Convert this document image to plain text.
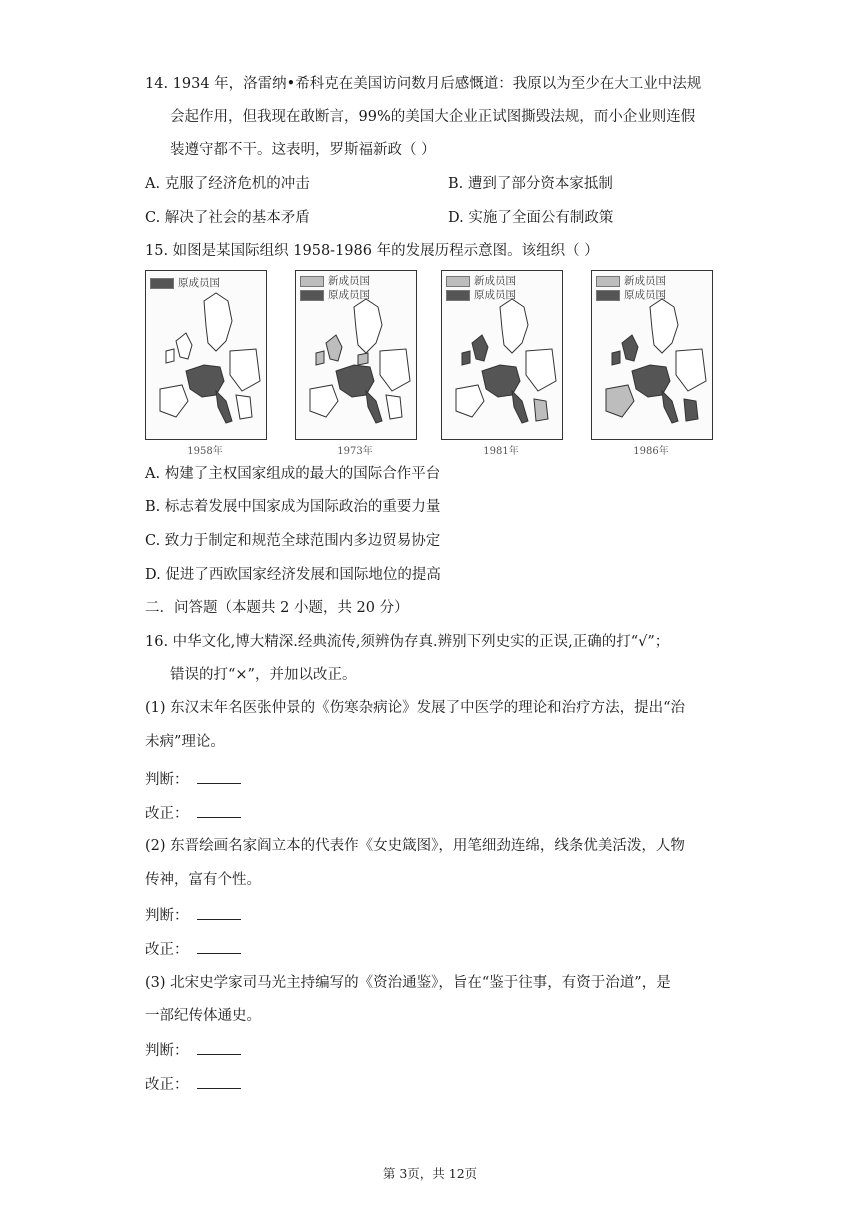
14. 1934 年，洛雷纳•希科克在美国访问数月后感慨道：我原以为至少在大工业中法规
会起作用，但我现在敢断言，99%的美国大企业正试图撕毁法规，而小企业则连假
装遵守都不干。这表明，罗斯福新政（ ）
A. 克服了经济危机的冲击	B. 遭到了部分资本家抵制
C. 解决了社会的基本矛盾	D. 实施了全面公有制政策
15. 如图是某国际组织 1958-1986 年的发展历程示意图。该组织（ ）
原成员国
1958年
新成员国
原成员国
1973年
新成员国
原成员国
1981年
新成员国
原成员国
1986年
A. 构建了主权国家组成的最大的国际合作平台
B. 标志着发展中国家成为国际政治的重要力量
C. 致力于制定和规范全球范围内多边贸易协定
D. 促进了西欧国家经济发展和国际地位的提高
二．问答题（本题共 2 小题，共 20 分）
16. 中华文化,博大精深.经典流传,须辨伪存真.辨别下列史实的正误,正确的打“√”；
错误的打“×”，并加以改正。
(1) 东汉末年名医张仲景的《伤寒杂病论》发展了中医学的理论和治疗方法，提出“治
未病”理论。
判断：
改正：
(2) 东晋绘画名家阎立本的代表作《女史箴图》，用笔细劲连绵，线条优美活泼，人物
传神，富有个性。
判断：
改正：
(3) 北宋史学家司马光主持编写的《资治通鉴》，旨在“鉴于往事，有资于治道”，是
一部纪传体通史。
判断：
改正：
第 3页，共 12页
